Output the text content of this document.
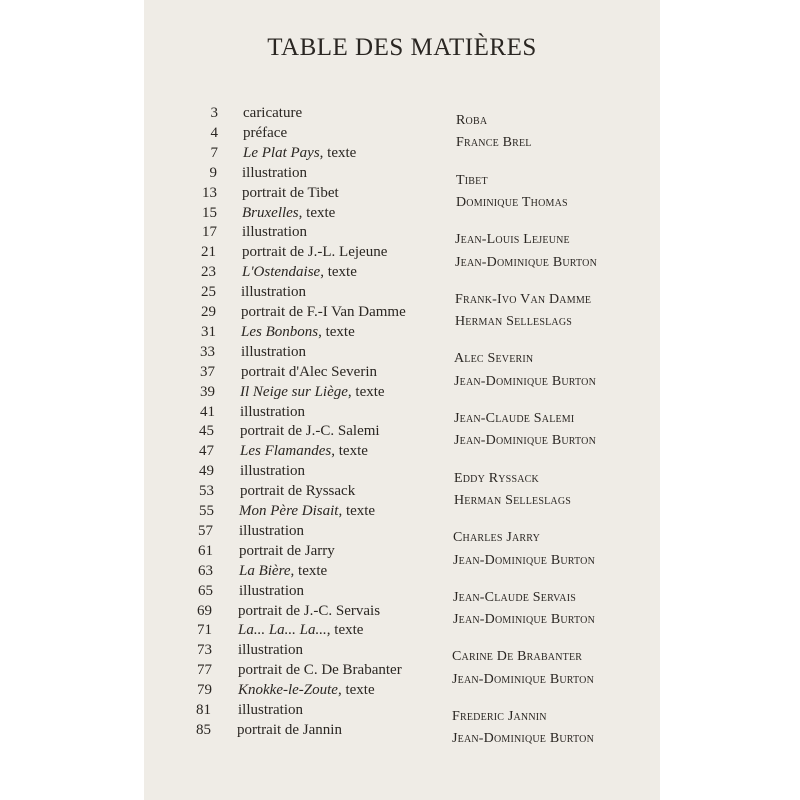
TABLE DES MATIÈRES
3 caricature
4 préface
7 Le Plat Pays, texte
9 illustration
13 portrait de Tibet
15 Bruxelles, texte
17 illustration
21 portrait de J.-L. Lejeune
23 L'Ostendaise, texte
25 illustration
29 portrait de F.-I Van Damme
31 Les Bonbons, texte
33 illustration
37 portrait d'Alec Severin
39 Il Neige sur Liège, texte
41 illustration
45 portrait de J.-C. Salemi
47 Les Flamandes, texte
49 illustration
53 portrait de Ryssack
55 Mon Père Disait, texte
57 illustration
61 portrait de Jarry
63 La Bière, texte
65 illustration
69 portrait de J.-C. Servais
71 La... La... La..., texte
73 illustration
77 portrait de C. De Brabanter
79 Knokke-le-Zoute, texte
81 illustration
85 portrait de Jannin
Roba
France Brel
Tibet
Dominique Thomas
Jean-Louis Lejeune
Jean-Dominique Burton
Frank-Ivo Van Damme
Herman Selleslags
Alec Severin
Jean-Dominique Burton
Jean-Claude Salemi
Jean-Dominique Burton
Eddy Ryssack
Herman Selleslags
Charles Jarry
Jean-Dominique Burton
Jean-Claude Servais
Jean-Dominique Burton
Carine De Brabanter
Jean-Dominique Burton
Frederic Jannin
Jean-Dominique Burton
